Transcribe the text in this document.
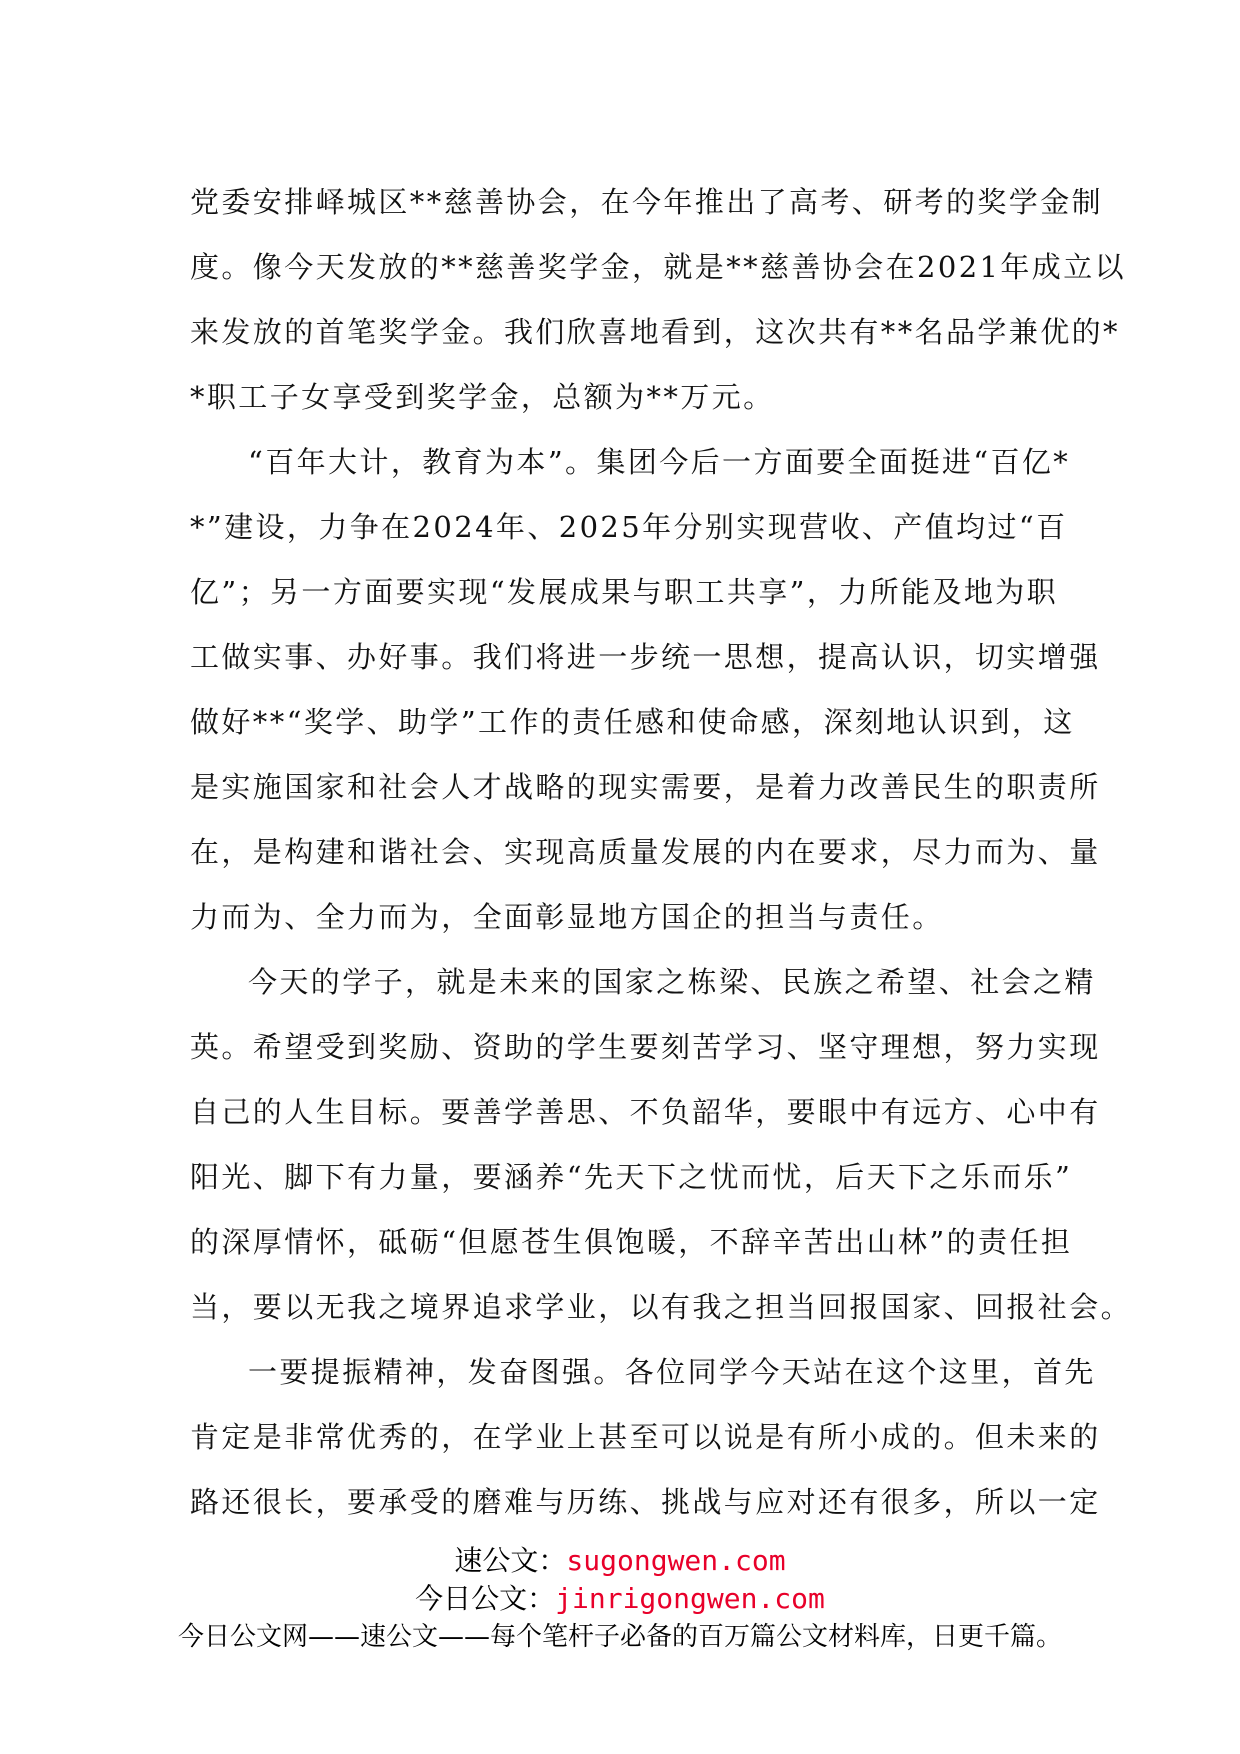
党委安排峄城区**慈善协会，在今年推出了高考、研考的奖学金制
度。像今天发放的**慈善奖学金，就是**慈善协会在2021年成立以
来发放的首笔奖学金。我们欣喜地看到，这次共有**名品学兼优的*
*职工子女享受到奖学金，总额为**万元。
“百年大计，教育为本”。集团今后一方面要全面挺进“百亿*
*”建设，力争在2024年、2025年分别实现营收、产值均过“百
亿”；另一方面要实现“发展成果与职工共享”，力所能及地为职
工做实事、办好事。我们将进一步统一思想，提高认识，切实增强
做好**“奖学、助学”工作的责任感和使命感，深刻地认识到，这
是实施国家和社会人才战略的现实需要，是着力改善民生的职责所
在，是构建和谐社会、实现高质量发展的内在要求，尽力而为、量
力而为、全力而为，全面彰显地方国企的担当与责任。
今天的学子，就是未来的国家之栋梁、民族之希望、社会之精
英。希望受到奖励、资助的学生要刻苦学习、坚守理想，努力实现
自己的人生目标。要善学善思、不负韶华，要眼中有远方、心中有
阳光、脚下有力量，要涵养“先天下之忧而忧，后天下之乐而乐”
的深厚情怀，砥砺“但愿苍生俱饱暖，不辞辛苦出山林”的责任担
当，要以无我之境界追求学业，以有我之担当回报国家、回报社会。
一要提振精神，发奋图强。各位同学今天站在这个这里，首先
肯定是非常优秀的，在学业上甚至可以说是有所小成的。但未来的
路还很长，要承受的磨难与历练、挑战与应对还有很多，所以一定
速公文：sugongwen.com
今日公文：jinrigongwen.com
今日公文网——速公文——每个笔杆子必备的百万篇公文材料库，日更千篇。
